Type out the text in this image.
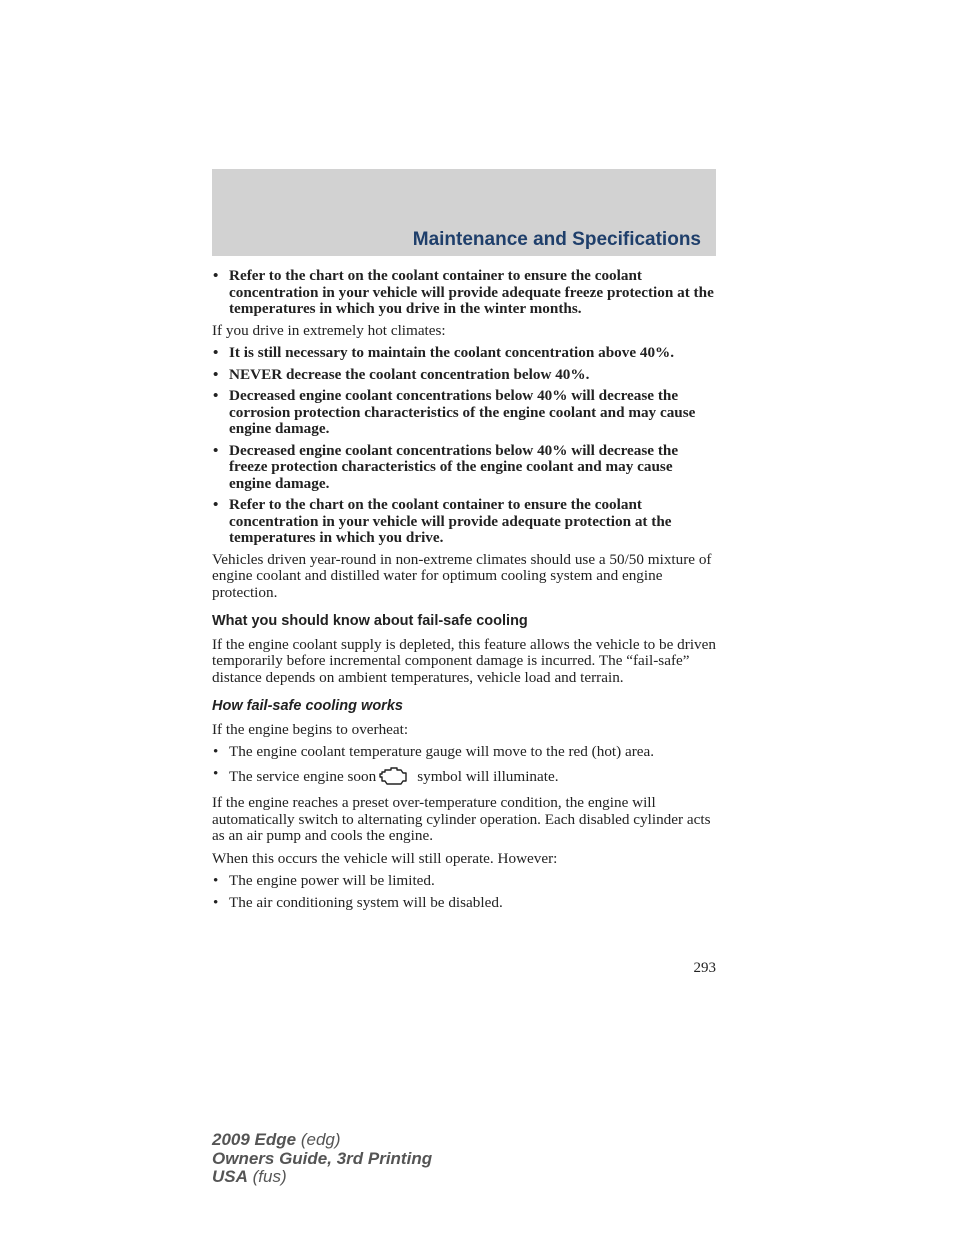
Maintenance and Specifications
• Refer to the chart on the coolant container to ensure the coolant concentration in your vehicle will provide adequate freeze protection at the temperatures in which you drive in the winter months.

If you drive in extremely hot climates:

• It is still necessary to maintain the coolant concentration above 40%.
• NEVER decrease the coolant concentration below 40%.
• Decreased engine coolant concentrations below 40% will decrease the corrosion protection characteristics of the engine coolant and may cause engine damage.
• Decreased engine coolant concentrations below 40% will decrease the freeze protection characteristics of the engine coolant and may cause engine damage.
• Refer to the chart on the coolant container to ensure the coolant concentration in your vehicle will provide adequate protection at the temperatures in which you drive.

Vehicles driven year-round in non-extreme climates should use a 50/50 mixture of engine coolant and distilled water for optimum cooling system and engine protection.

What you should know about fail-safe cooling

If the engine coolant supply is depleted, this feature allows the vehicle to be driven temporarily before incremental component damage is incurred. The “fail-safe” distance depends on ambient temperatures, vehicle load and terrain.

How fail-safe cooling works

If the engine begins to overheat:

• The engine coolant temperature gauge will move to the red (hot) area.
• The service engine soon	symbol will illuminate.

If the engine reaches a preset over-temperature condition, the engine will automatically switch to alternating cylinder operation. Each disabled cylinder acts as an air pump and cools the engine.

When this occurs the vehicle will still operate. However:

• The engine power will be limited.
• The air conditioning system will be disabled.
293
2009 Edge (edg)
Owners Guide, 3rd Printing
USA (fus)
